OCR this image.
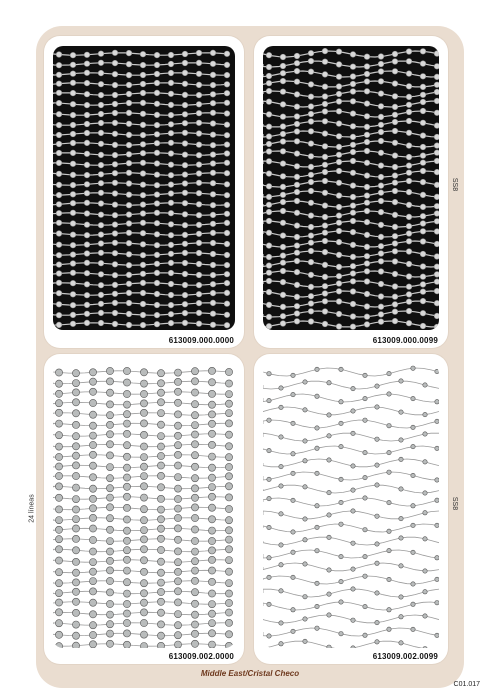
613009.000.0000	613009.000.0099
613009.002.0000	613009.002.0099
SS8
SS8
24 líneas
Middle East/Cristal Checo
C01.017
